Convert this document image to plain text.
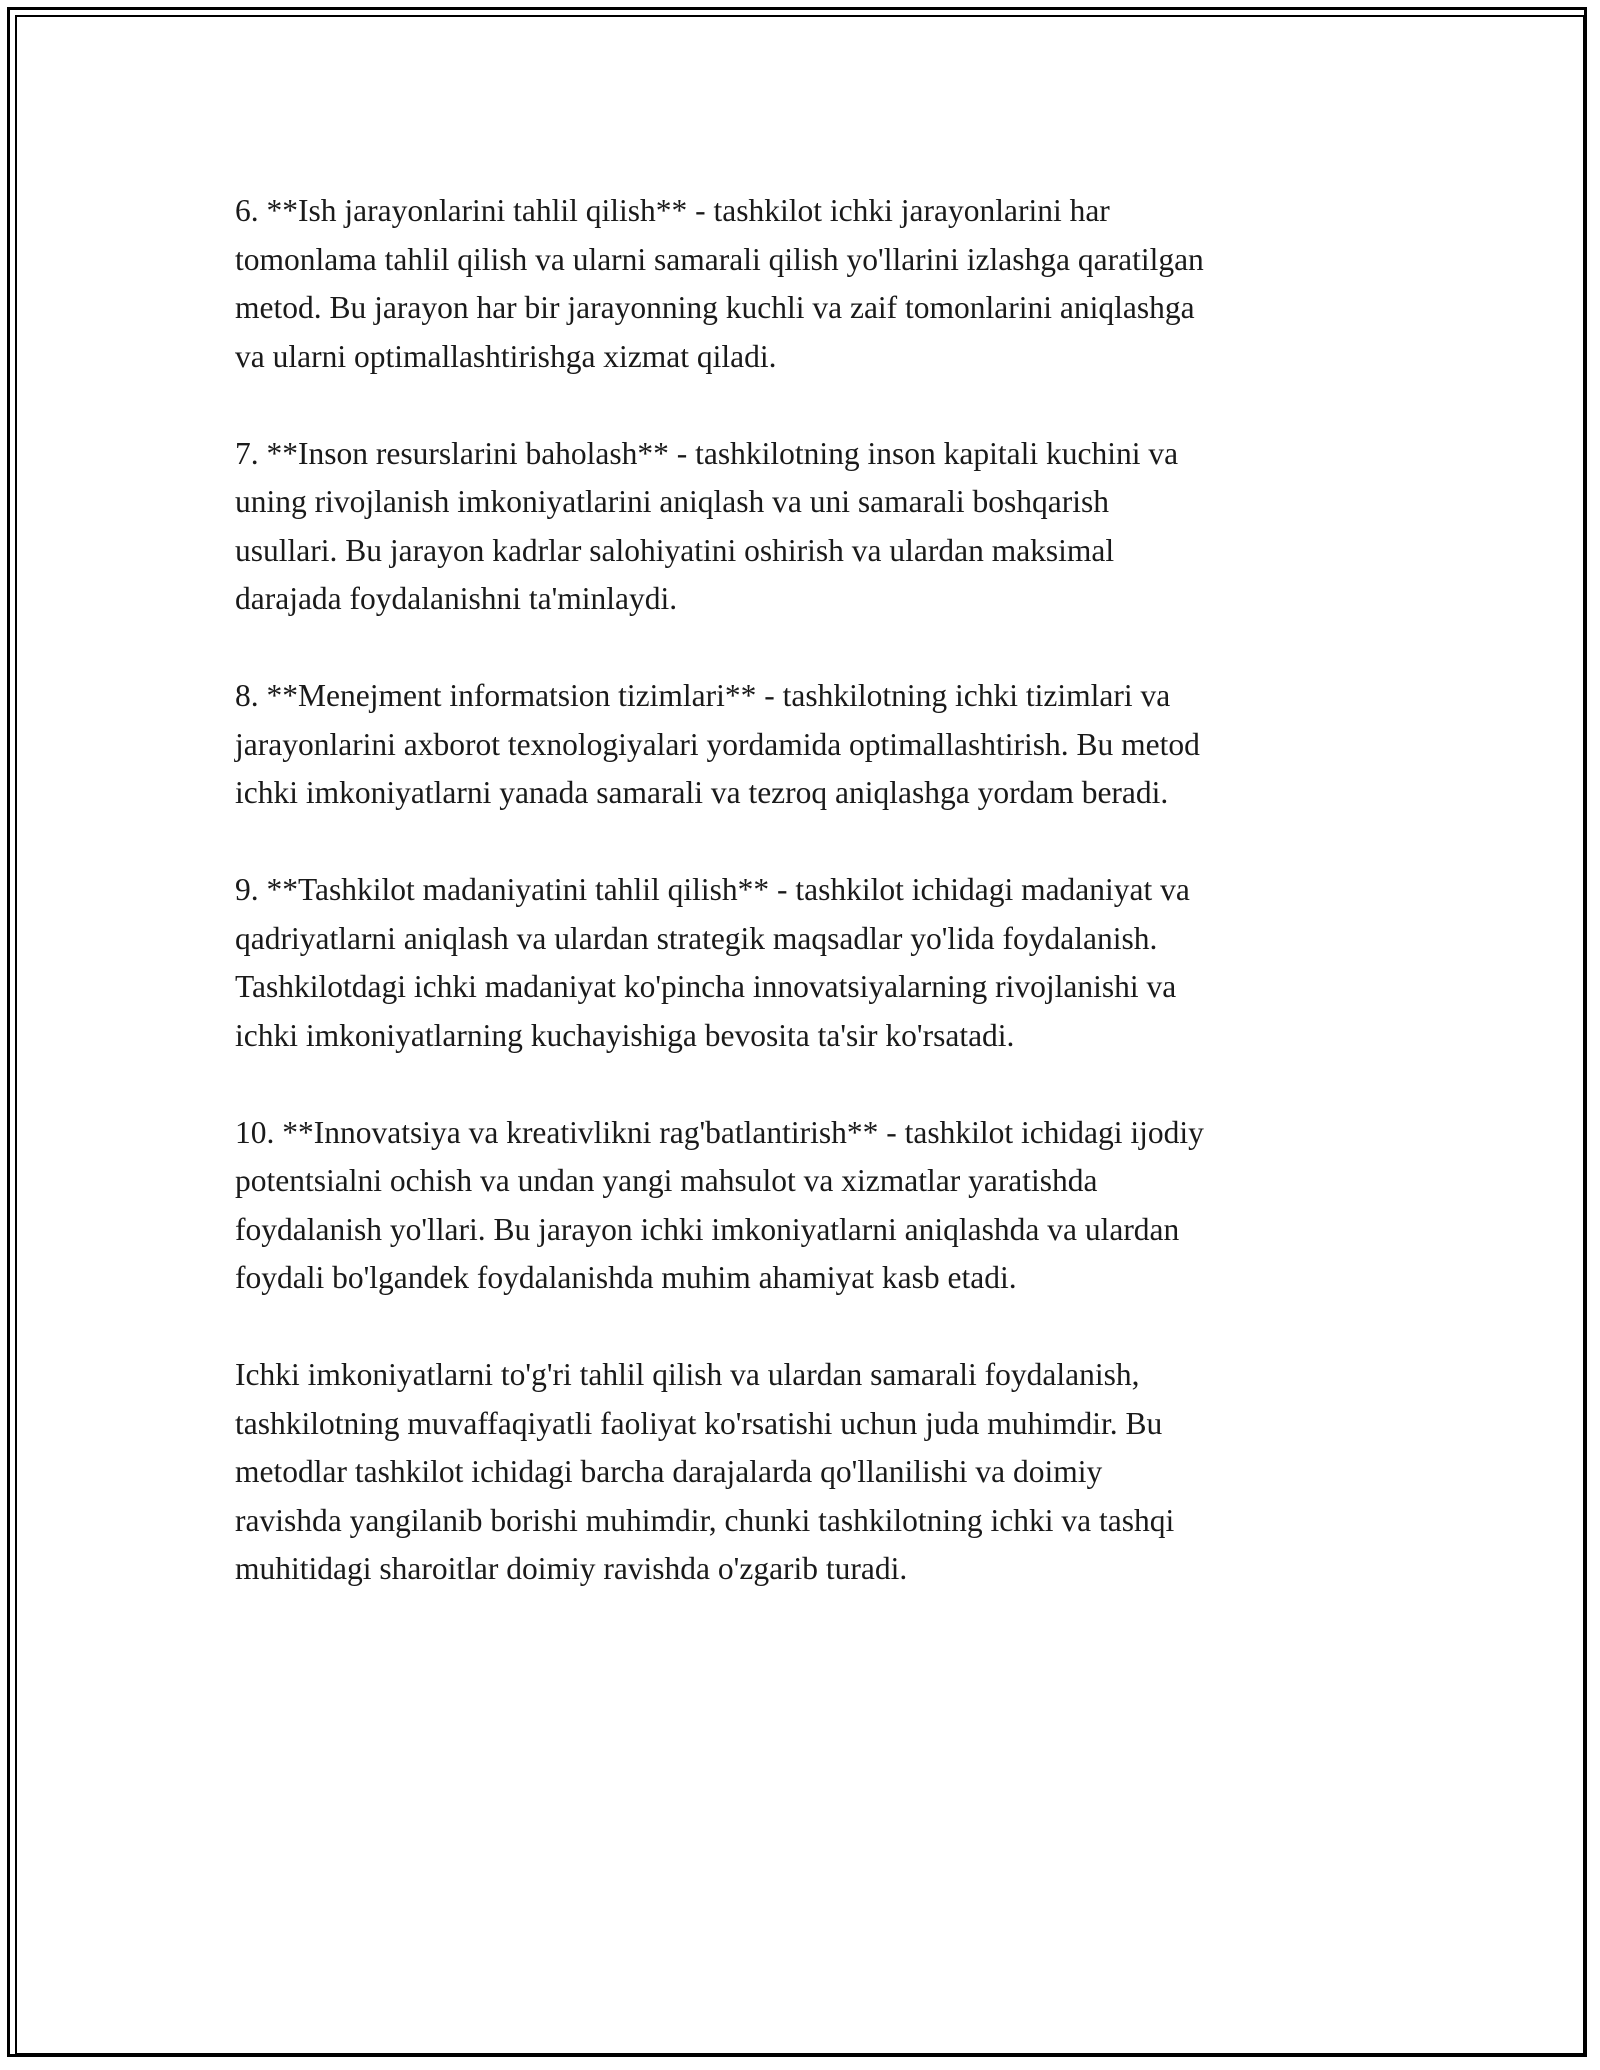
6. **Ish jarayonlarini tahlil qilish** - tashkilot ichki jarayonlarini har
tomonlama tahlil qilish va ularni samarali qilish yo'llarini izlashga qaratilgan
metod. Bu jarayon har bir jarayonning kuchli va zaif tomonlarini aniqlashga
va ularni optimallashtirishga xizmat qiladi.

7. **Inson resurslarini baholash** - tashkilotning inson kapitali kuchini va
uning rivojlanish imkoniyatlarini aniqlash va uni samarali boshqarish
usullari. Bu jarayon kadrlar salohiyatini oshirish va ulardan maksimal
darajada foydalanishni ta'minlaydi.

8. **Menejment informatsion tizimlari** - tashkilotning ichki tizimlari va
jarayonlarini axborot texnologiyalari yordamida optimallashtirish. Bu metod
ichki imkoniyatlarni yanada samarali va tezroq aniqlashga yordam beradi.

9. **Tashkilot madaniyatini tahlil qilish** - tashkilot ichidagi madaniyat va
qadriyatlarni aniqlash va ulardan strategik maqsadlar yo'lida foydalanish.
Tashkilotdagi ichki madaniyat ko'pincha innovatsiyalarning rivojlanishi va
ichki imkoniyatlarning kuchayishiga bevosita ta'sir ko'rsatadi.

10. **Innovatsiya va kreativlikni rag'batlantirish** - tashkilot ichidagi ijodiy
potentsialni ochish va undan yangi mahsulot va xizmatlar yaratishda
foydalanish yo'llari. Bu jarayon ichki imkoniyatlarni aniqlashda va ulardan
foydali bo'lgandek foydalanishda muhim ahamiyat kasb etadi.

Ichki imkoniyatlarni to'g'ri tahlil qilish va ulardan samarali foydalanish,
tashkilotning muvaffaqiyatli faoliyat ko'rsatishi uchun juda muhimdir. Bu
metodlar tashkilot ichidagi barcha darajalarda qo'llanilishi va doimiy
ravishda yangilanib borishi muhimdir, chunki tashkilotning ichki va tashqi
muhitidagi sharoitlar doimiy ravishda o'zgarib turadi.
